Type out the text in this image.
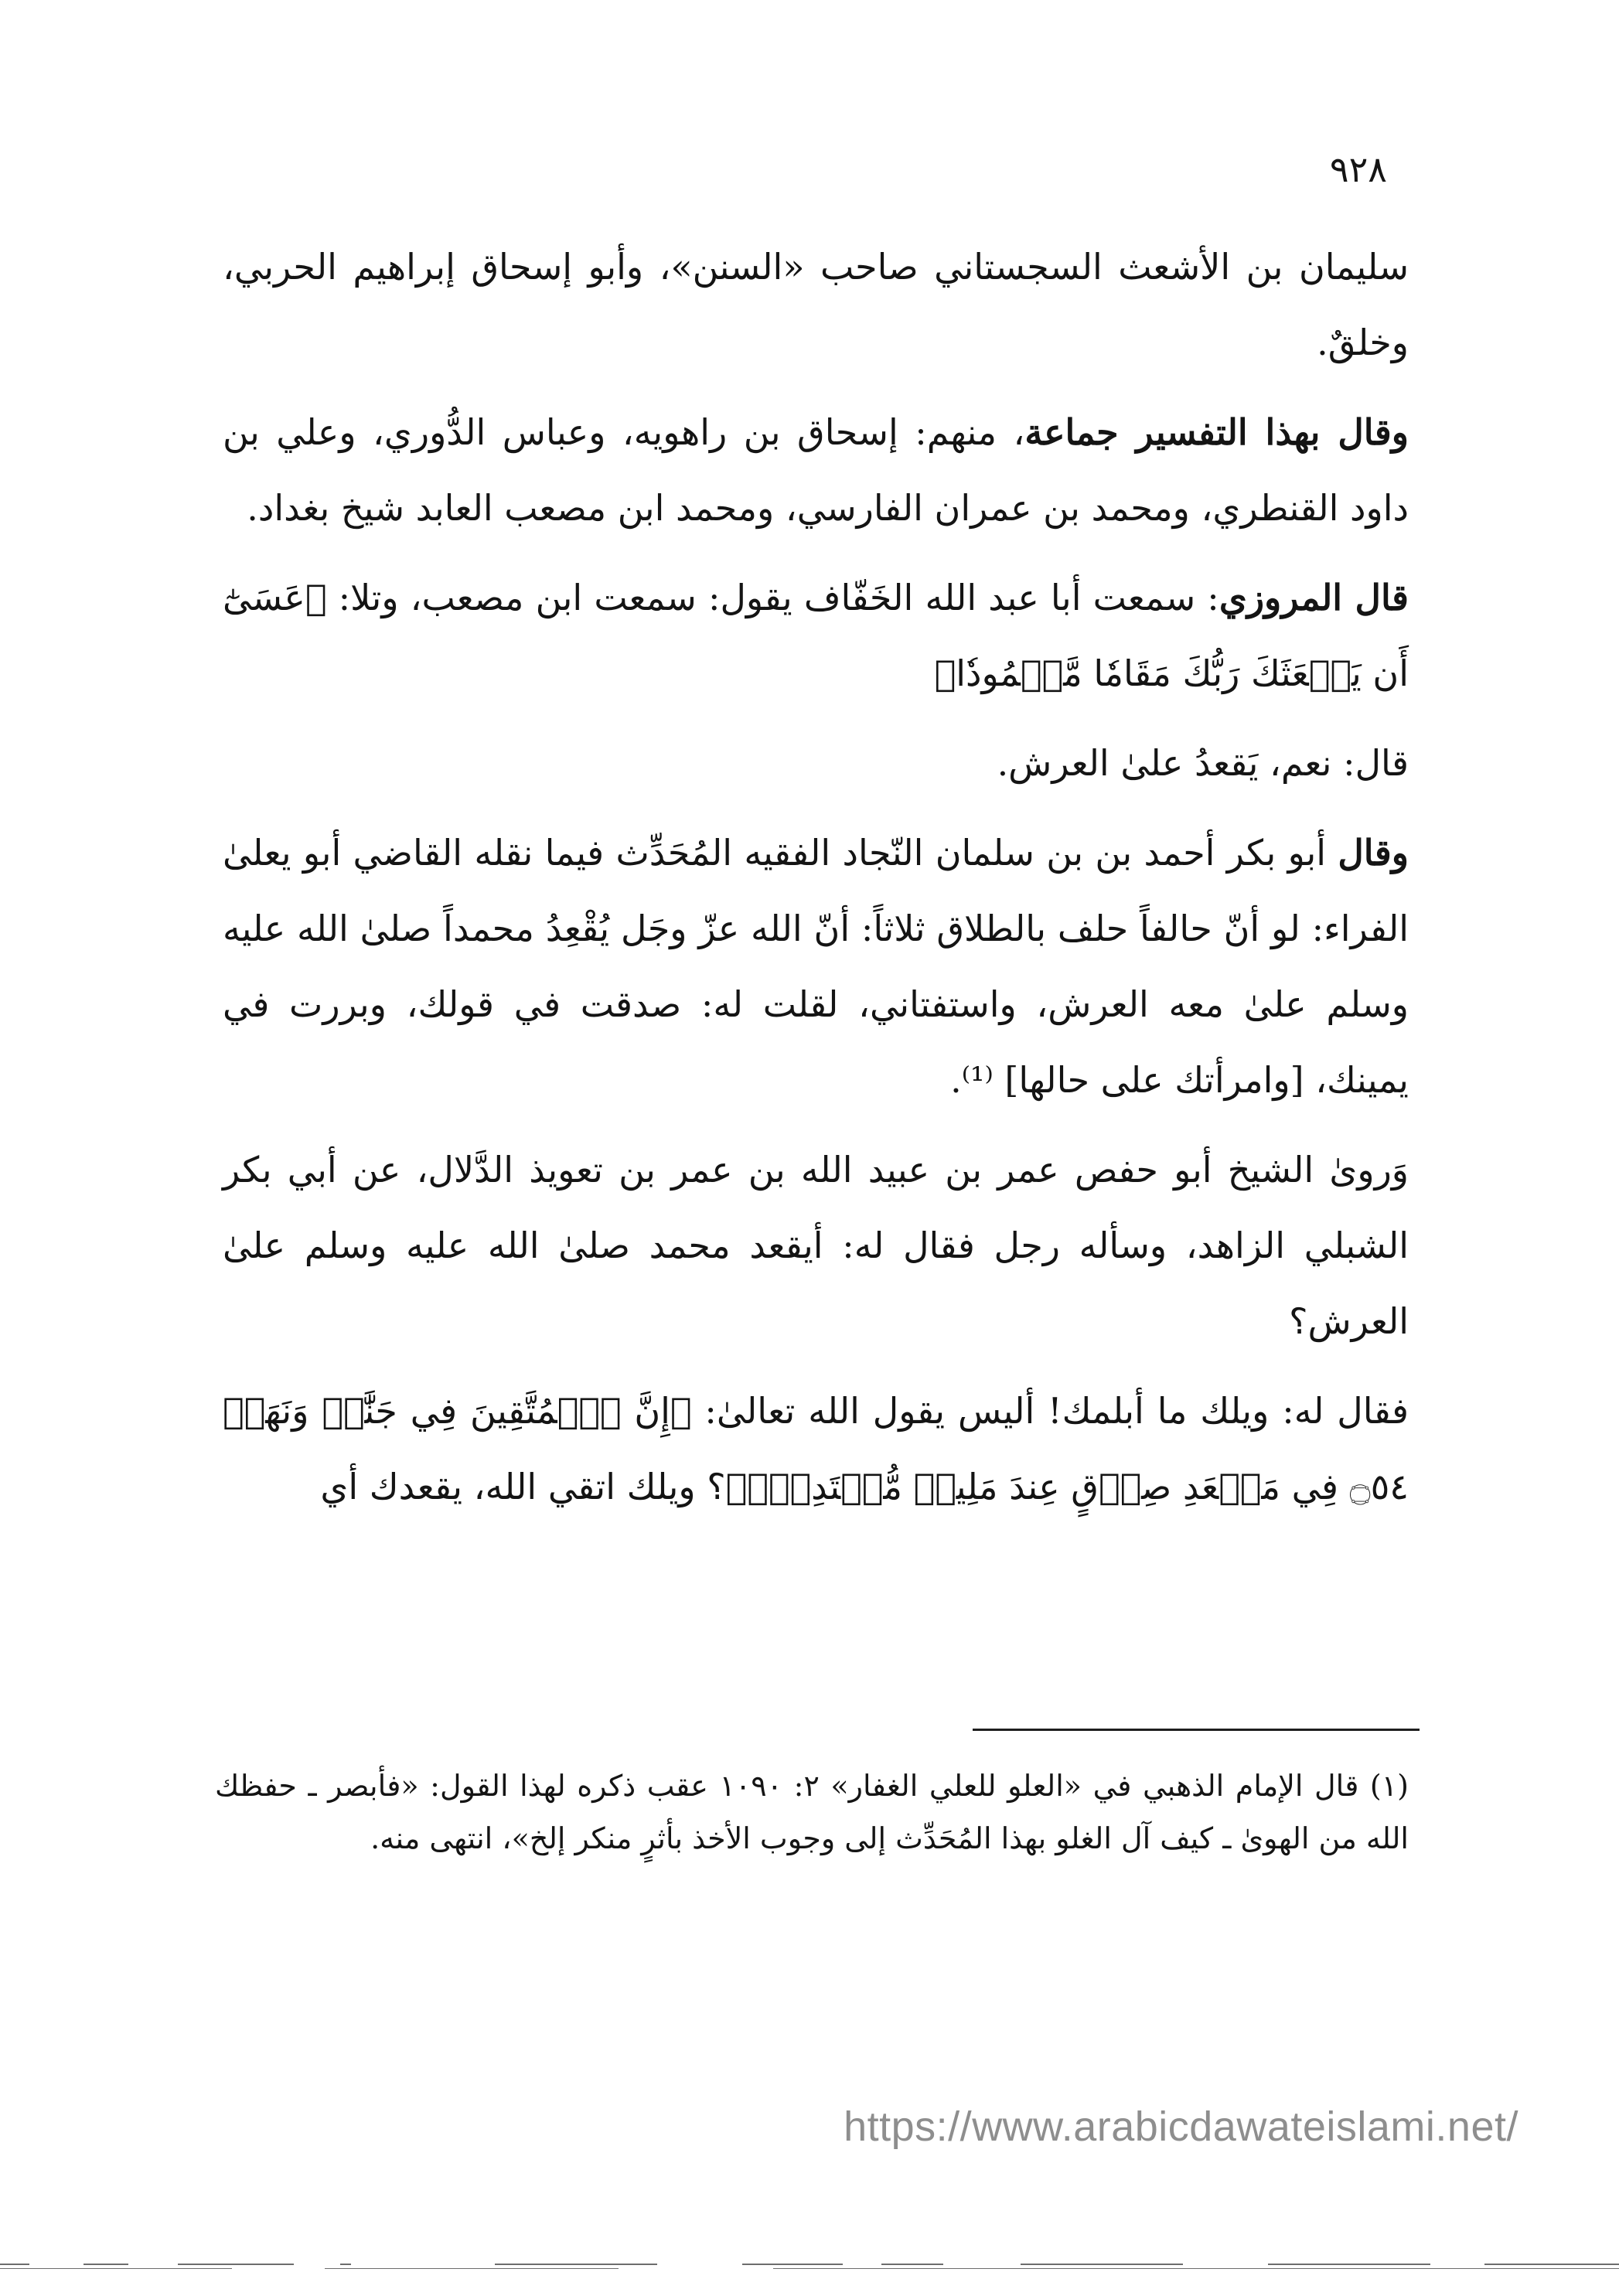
٩٢٨

سليمان بن الأشعث السجستاني صاحب «السنن»، وأبو إسحاق إبراهيم الحربي، وخلقٌ.

وقال بهذا التفسير جماعة، منهم: إسحاق بن راهويه، وعباس الدُّوري، وعلي بن داود القنطري، ومحمد بن عمران الفارسي، ومحمد ابن مصعب العابد شيخ بغداد.

قال المروزي: سمعت أبا عبد الله الخَفّاف يقول: سمعت ابن مصعب، وتلا: ﴿عَسَىٰٓ أَن يَبۡعَثَكَ رَبُّكَ مَقَامٗا مَّحۡمُودٗا﴾

قال: نعم، يَقعدُ علىٰ العرش.

وقال أبو بكر أحمد بن بن سلمان النّجاد الفقيه المُحَدِّث فيما نقله القاضي أبو يعلىٰ الفراء: لو أنّ حالفاً حلف بالطلاق ثلاثاً: أنّ الله عزّ وجَل يُقْعِدُ محمداً صلىٰ الله عليه وسلم علىٰ معه العرش، واستفتاني، لقلت له: صدقت في قولك، وبررت في يمينك، [وامرأتك على حالها] ⁽¹⁾.

وَروىٰ الشيخ أبو حفص عمر بن عبيد الله بن عمر بن تعويذ الدَّلال، عن أبي بكر الشبلي الزاهد، وسأله رجل فقال له: أيقعد محمد صلىٰ الله عليه وسلم علىٰ العرش؟

فقال له: ويلك ما أبلمك! أليس يقول الله تعالىٰ: ﴿إِنَّ ٱلۡمُتَّقِينَ فِي جَنَّٰتٖ وَنَهَرٖ ۝٥٤ فِي مَقۡعَدِ صِدۡقٍ عِندَ مَلِيكٖ مُّقۡتَدِرِۭ﴾؟ ويلك اتقي الله، يقعدك أي

(١) قال الإمام الذهبي في «العلو للعلي الغفار» ٢: ١٠٩٠ عقب ذكره لهذا القول: «فأبصر ـ حفظك الله من الهوىٰ ـ كيف آل الغلو بهذا المُحَدِّث إلى وجوب الأخذ بأثرٍ منكر إلخ»، انتهى منه.
https://www.arabicdawateislami.net/
